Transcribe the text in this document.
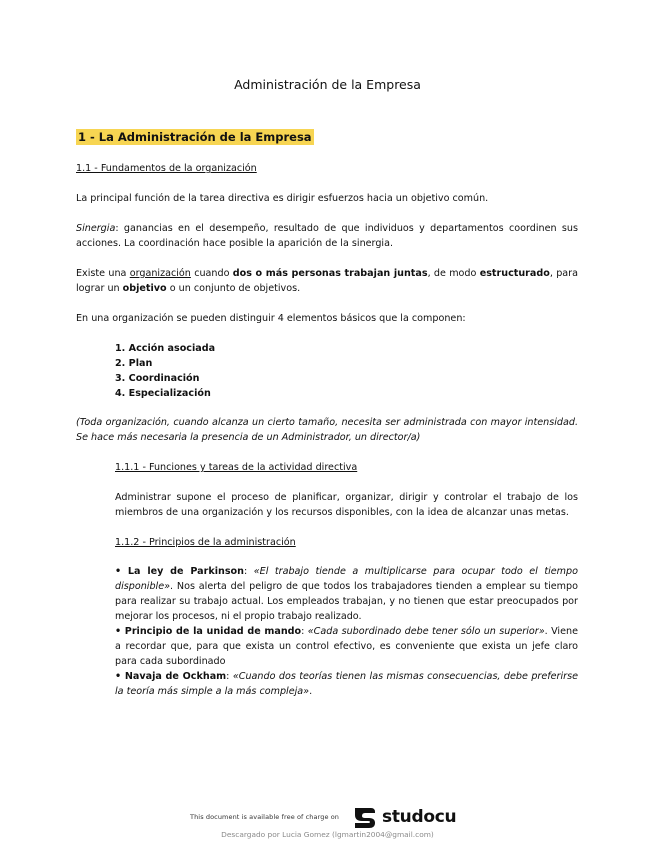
Administración de la Empresa
1 - La Administración de la Empresa
1.1 - Fundamentos de la organización

La principal función de la tarea directiva es dirigir esfuerzos hacia un objetivo común.

Sinergia: ganancias en el desempeño, resultado de que individuos y departamentos coordinen sus acciones. La coordinación hace posible la aparición de la sinergia.

Existe una organización cuando dos o más personas trabajan juntas, de modo estructurado, para lograr un objetivo o un conjunto de objetivos.

En una organización se pueden distinguir 4 elementos básicos que la componen:

1. Acción asociada
2. Plan
3. Coordinación
4. Especialización

(Toda organización, cuando alcanza un cierto tamaño, necesita ser administrada con mayor intensidad. Se hace más necesaria la presencia de un Administrador, un director/a)

1.1.1 - Funciones y tareas de la actividad directiva

Administrar supone el proceso de planificar, organizar, dirigir y controlar el trabajo de los miembros de una organización y los recursos disponibles, con la idea de alcanzar unas metas.

1.1.2 - Principios de la administración

• La ley de Parkinson: «El trabajo tiende a multiplicarse para ocupar todo el tiempo disponible». Nos alerta del peligro de que todos los trabajadores tienden a emplear su tiempo para realizar su trabajo actual. Los empleados trabajan, y no tienen que estar preocupados por mejorar los procesos, ni el propio trabajo realizado.

• Principio de la unidad de mando: «Cada subordinado debe tener sólo un superior». Viene a recordar que, para que exista un control efectivo, es conveniente que exista un jefe claro para cada subordinado

• Navaja de Ockham: «Cuando dos teorías tienen las mismas consecuencias, debe preferirse la teoría más simple a la más compleja».

This document is available free of charge on	studocu
Descargado por Lucia Gomez (lgmartin2004@gmail.com)
